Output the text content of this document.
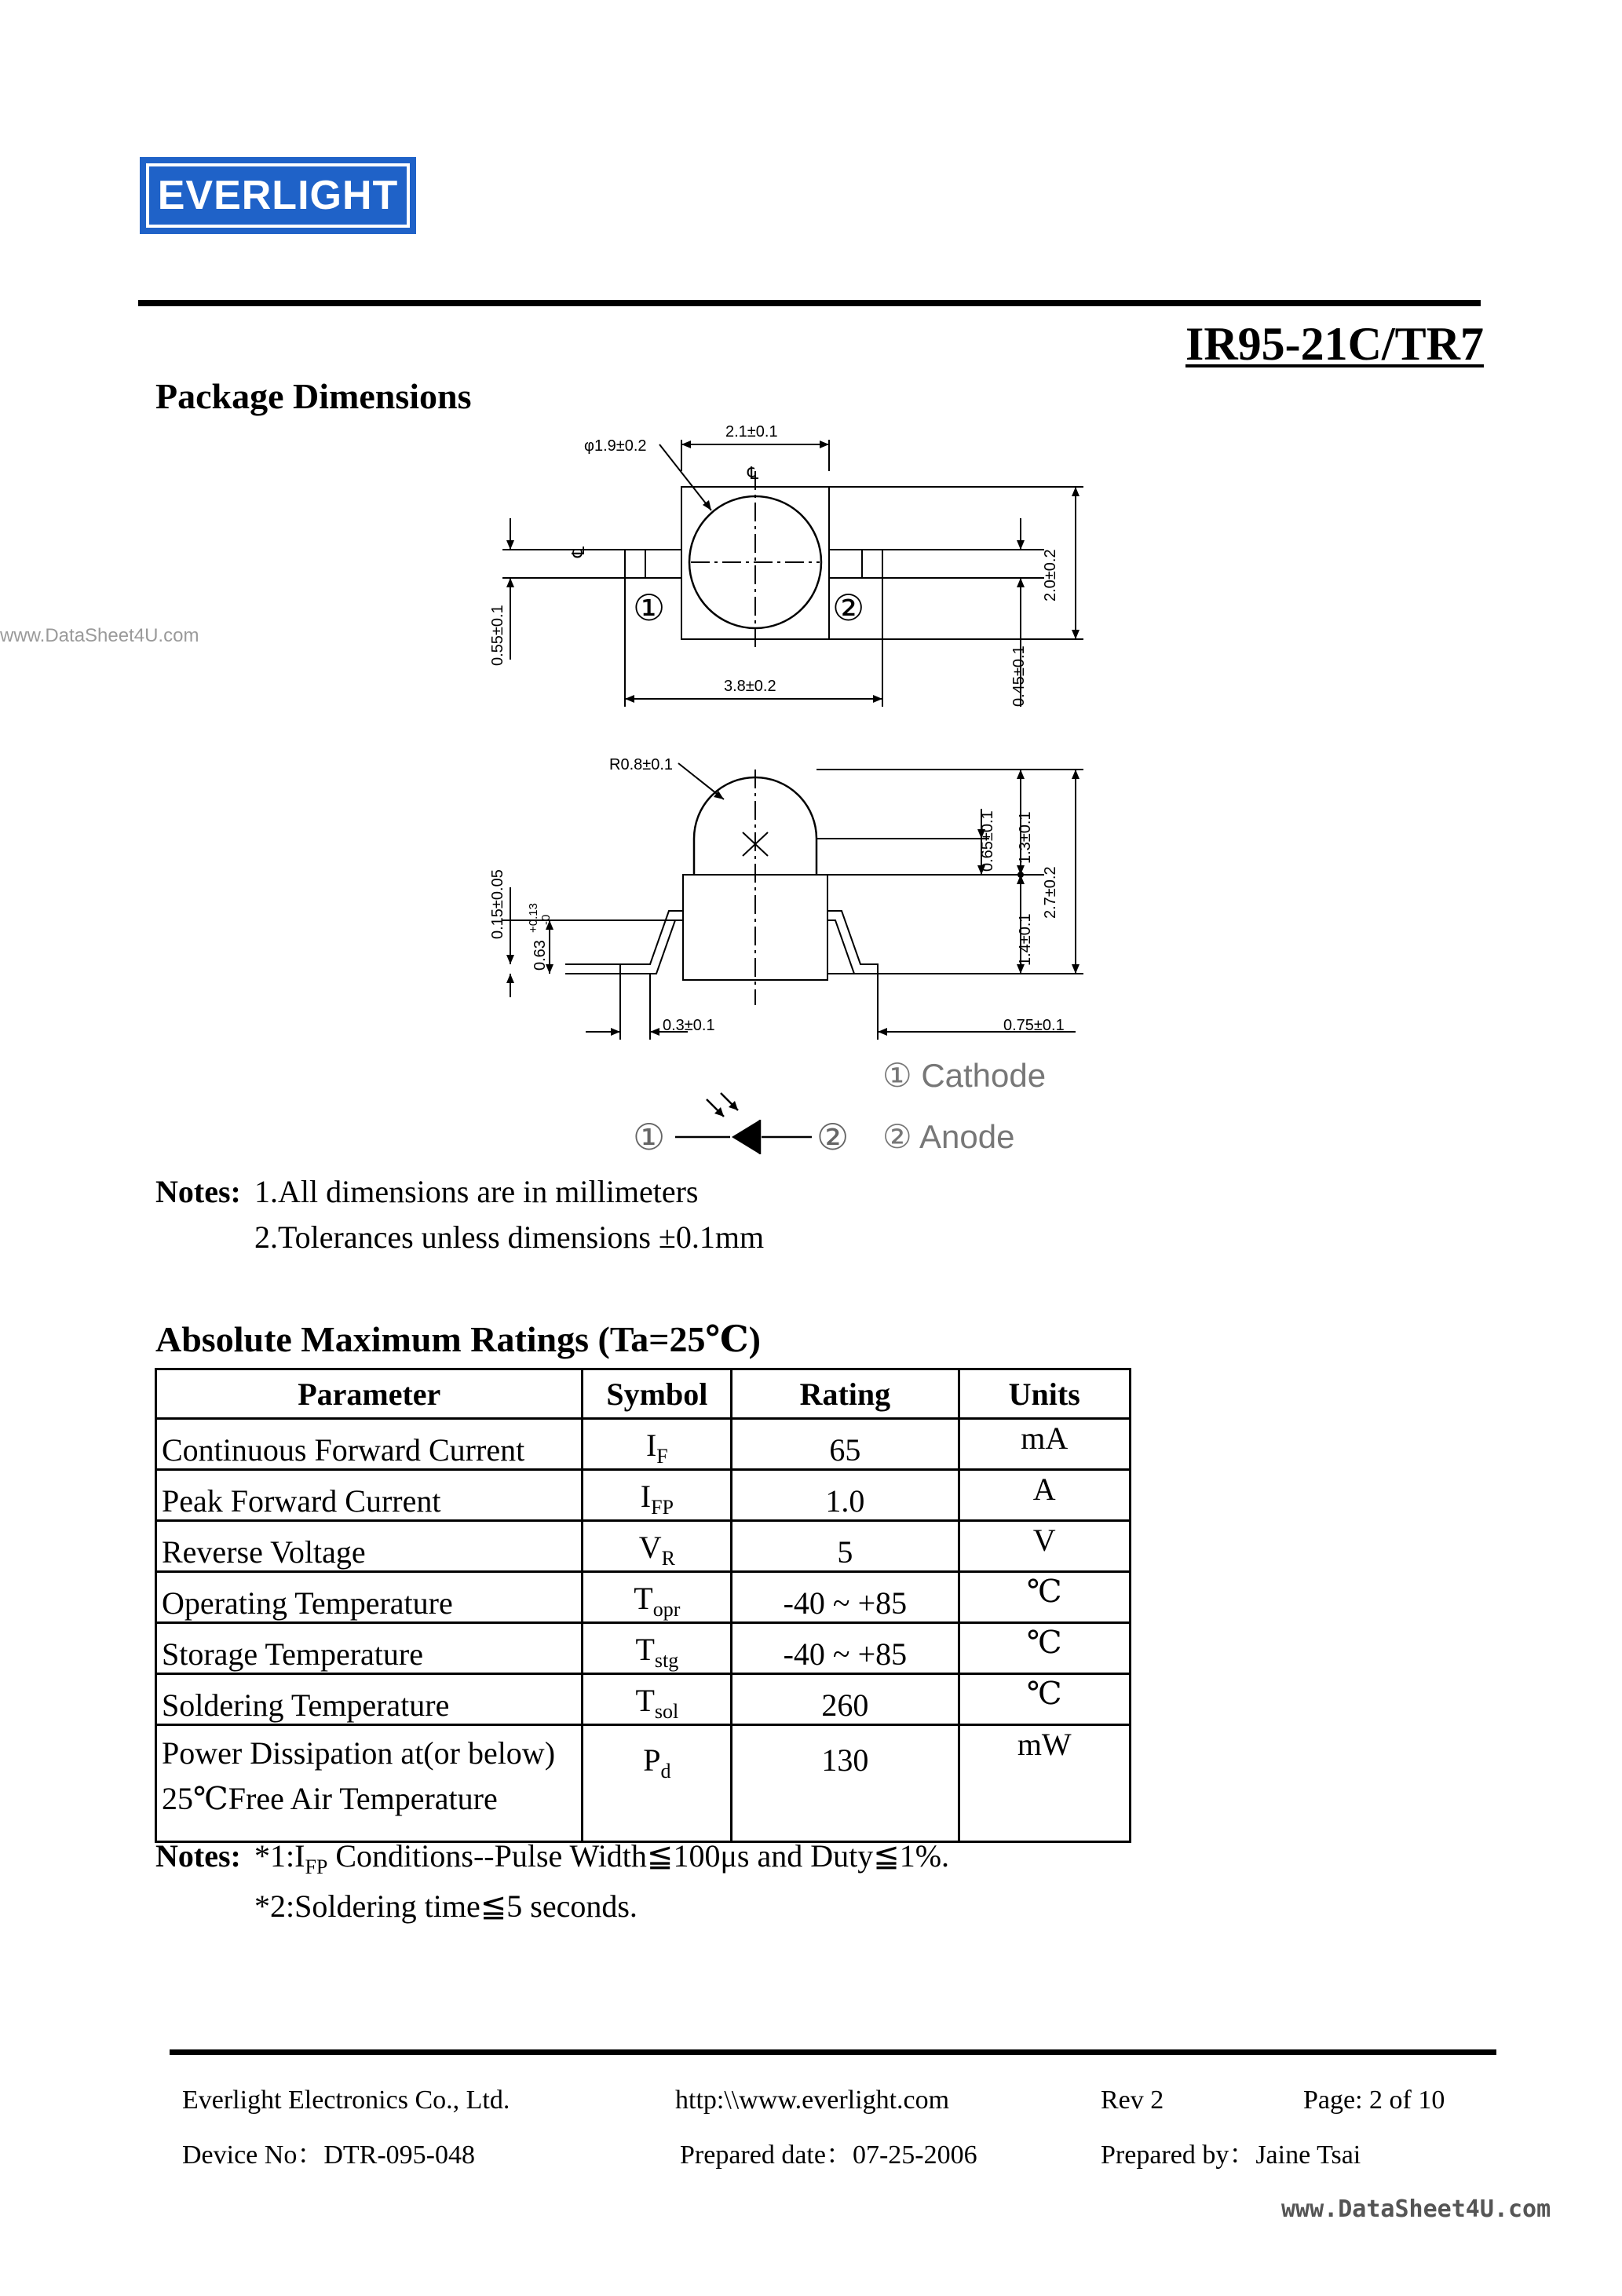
EVERLIGHT
IR95-21C/TR7
www.DataSheet4U.com
Package Dimensions
φ1.9±0.2
2.1±0.1
3.8±0.2
2.0±0.2
0.45±0.1
0.55±0.1
℄
℄
①	②
R0.8±0.1
0.65±0.1 1.3±0.1
2.7±0.2
1.4±0.1
0.15±0.05
0.63
+0.13 -0
0.3±0.1	0.75±0.1
① Cathode
② Anode
①	②
Notes: 1.All dimensions are in millimeters
2.Tolerances unless dimensions ±0.1mm
Absolute Maximum Ratings (Ta=25℃)
Parameter	Symbol	Rating	Units
Continuous Forward Current	$I_F$	65	mA
Peak Forward Current	$I_{FP}$	1.0	A
Reverse Voltage	$V_R$	5	V
Operating Temperature	$T_{opr}$	-40 ~ +85	℃
Storage Temperature	$T_{stg}$	-40 ~ +85	℃
Soldering Temperature	$T_{sol}$	260	℃
Power Dissipation at(or below)
25℃Free Air Temperature	$P_d$	130	mW
Notes: $*1:I_{FP}$ Conditions--Pulse Width≦100μs and Duty≦1%.
*2:Soldering time≦5 seconds.
Everlight Electronics Co., Ltd.	http:\\www.everlight.com	Rev 2	Page: 2 of 10
Device No：DTR-095-048	Prepared date：07-25-2006	Prepared by：Jaine Tsai
www.DataSheet4U.com
